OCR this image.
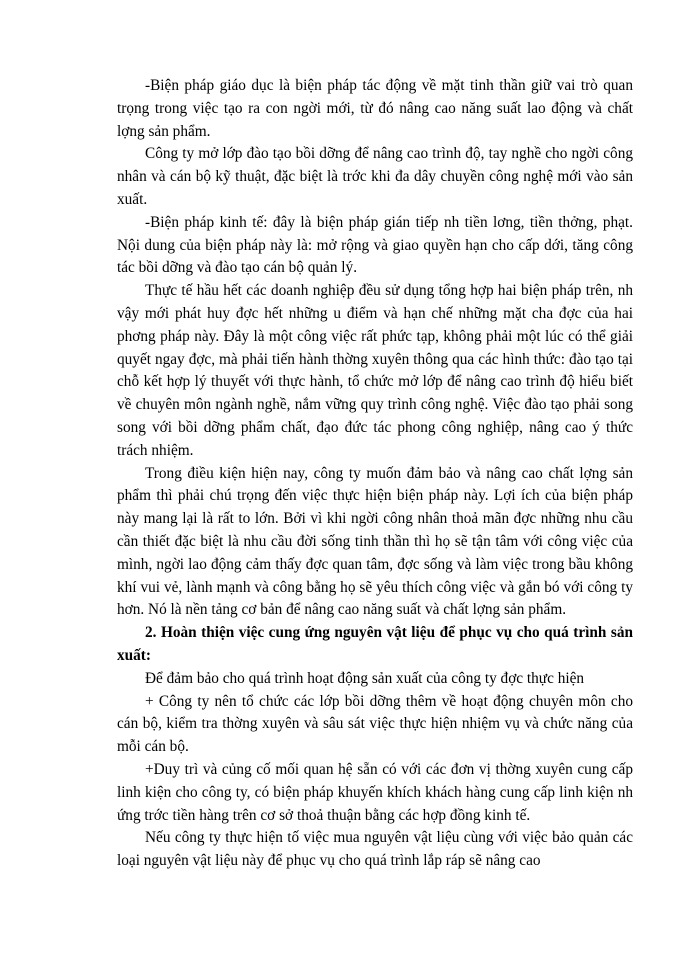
-Biện pháp giáo dục là biện pháp tác động về mặt tinh thần giữ vai trò quan trọng trong việc tạo ra con ngời mới, từ đó nâng cao năng suất lao động và chất lợng sản phẩm.

Công ty mở lớp đào tạo bồi dỡng để nâng cao trình độ, tay nghề cho ngời công nhân và cán bộ kỹ thuật, đặc biệt là trớc khi đa dây chuyền công nghệ mới vào sản xuất.

-Biện pháp kinh tế: đây là biện pháp gián tiếp nh tiền lơng, tiền thởng, phạt. Nội dung của biện pháp này là: mở rộng và giao quyền hạn cho cấp dới, tăng công tác bồi dỡng và đào tạo cán bộ quản lý.

Thực tế hầu hết các doanh nghiệp đều sử dụng tổng hợp hai biện pháp trên, nh vậy mới phát huy đợc hết những u điểm và hạn chế những mặt cha đợc của hai phơng pháp này. Đây là một công việc rất phức tạp, không phải một lúc có thể giải quyết ngay đợc, mà phải tiến hành thờng xuyên thông qua các hình thức: đào tạo tại chỗ kết hợp lý thuyết với thực hành, tổ chức mở lớp để nâng cao trình độ hiểu biết về chuyên môn ngành nghề, nắm vững quy trình công nghệ. Việc đào tạo phải song song với bồi dỡng phẩm chất, đạo đức tác phong công nghiệp, nâng cao ý thức trách nhiệm.

Trong điều kiện hiện nay, công ty muốn đảm bảo và nâng cao chất lợng sản phẩm thì phải chú trọng đến việc thực hiện biện pháp này. Lợi ích của biện pháp này mang lại là rất to lớn. Bởi vì khi ngời công nhân thoả mãn đợc những nhu cầu cần thiết đặc biệt là nhu cầu đời sống tinh thần thì họ sẽ tận tâm với công việc của mình, ngời lao động cảm thấy đợc quan tâm, đợc sống và làm việc trong bầu không khí vui vẻ, lành mạnh và công bằng họ sẽ yêu thích công việc và gắn bó với công ty hơn. Nó là nền tảng cơ bản để nâng cao năng suất và chất lợng sản phẩm.

2. Hoàn thiện việc cung ứng nguyên vật liệu để phục vụ cho quá trình sản xuất:

Để đảm bảo cho quá trình hoạt động sản xuất của công ty đợc thực hiện

+ Công ty nên tổ chức các lớp bồi dỡng thêm về hoạt động chuyên môn cho cán bộ, kiểm tra thờng xuyên và sâu sát việc thực hiện nhiệm vụ và chức năng của mỗi cán bộ.

+Duy trì và củng cố mối quan hệ sẵn có với các đơn vị thờng xuyên cung cấp linh kiện cho công ty, có biện pháp khuyến khích khách hàng cung cấp linh kiện nh ứng trớc tiền hàng trên cơ sở thoả thuận bằng các hợp đồng kinh tế.

Nếu công ty thực hiện tố việc mua nguyên vật liệu cùng với việc bảo quản các loại nguyên vật liệu này để phục vụ cho quá trình lắp ráp sẽ nâng cao
